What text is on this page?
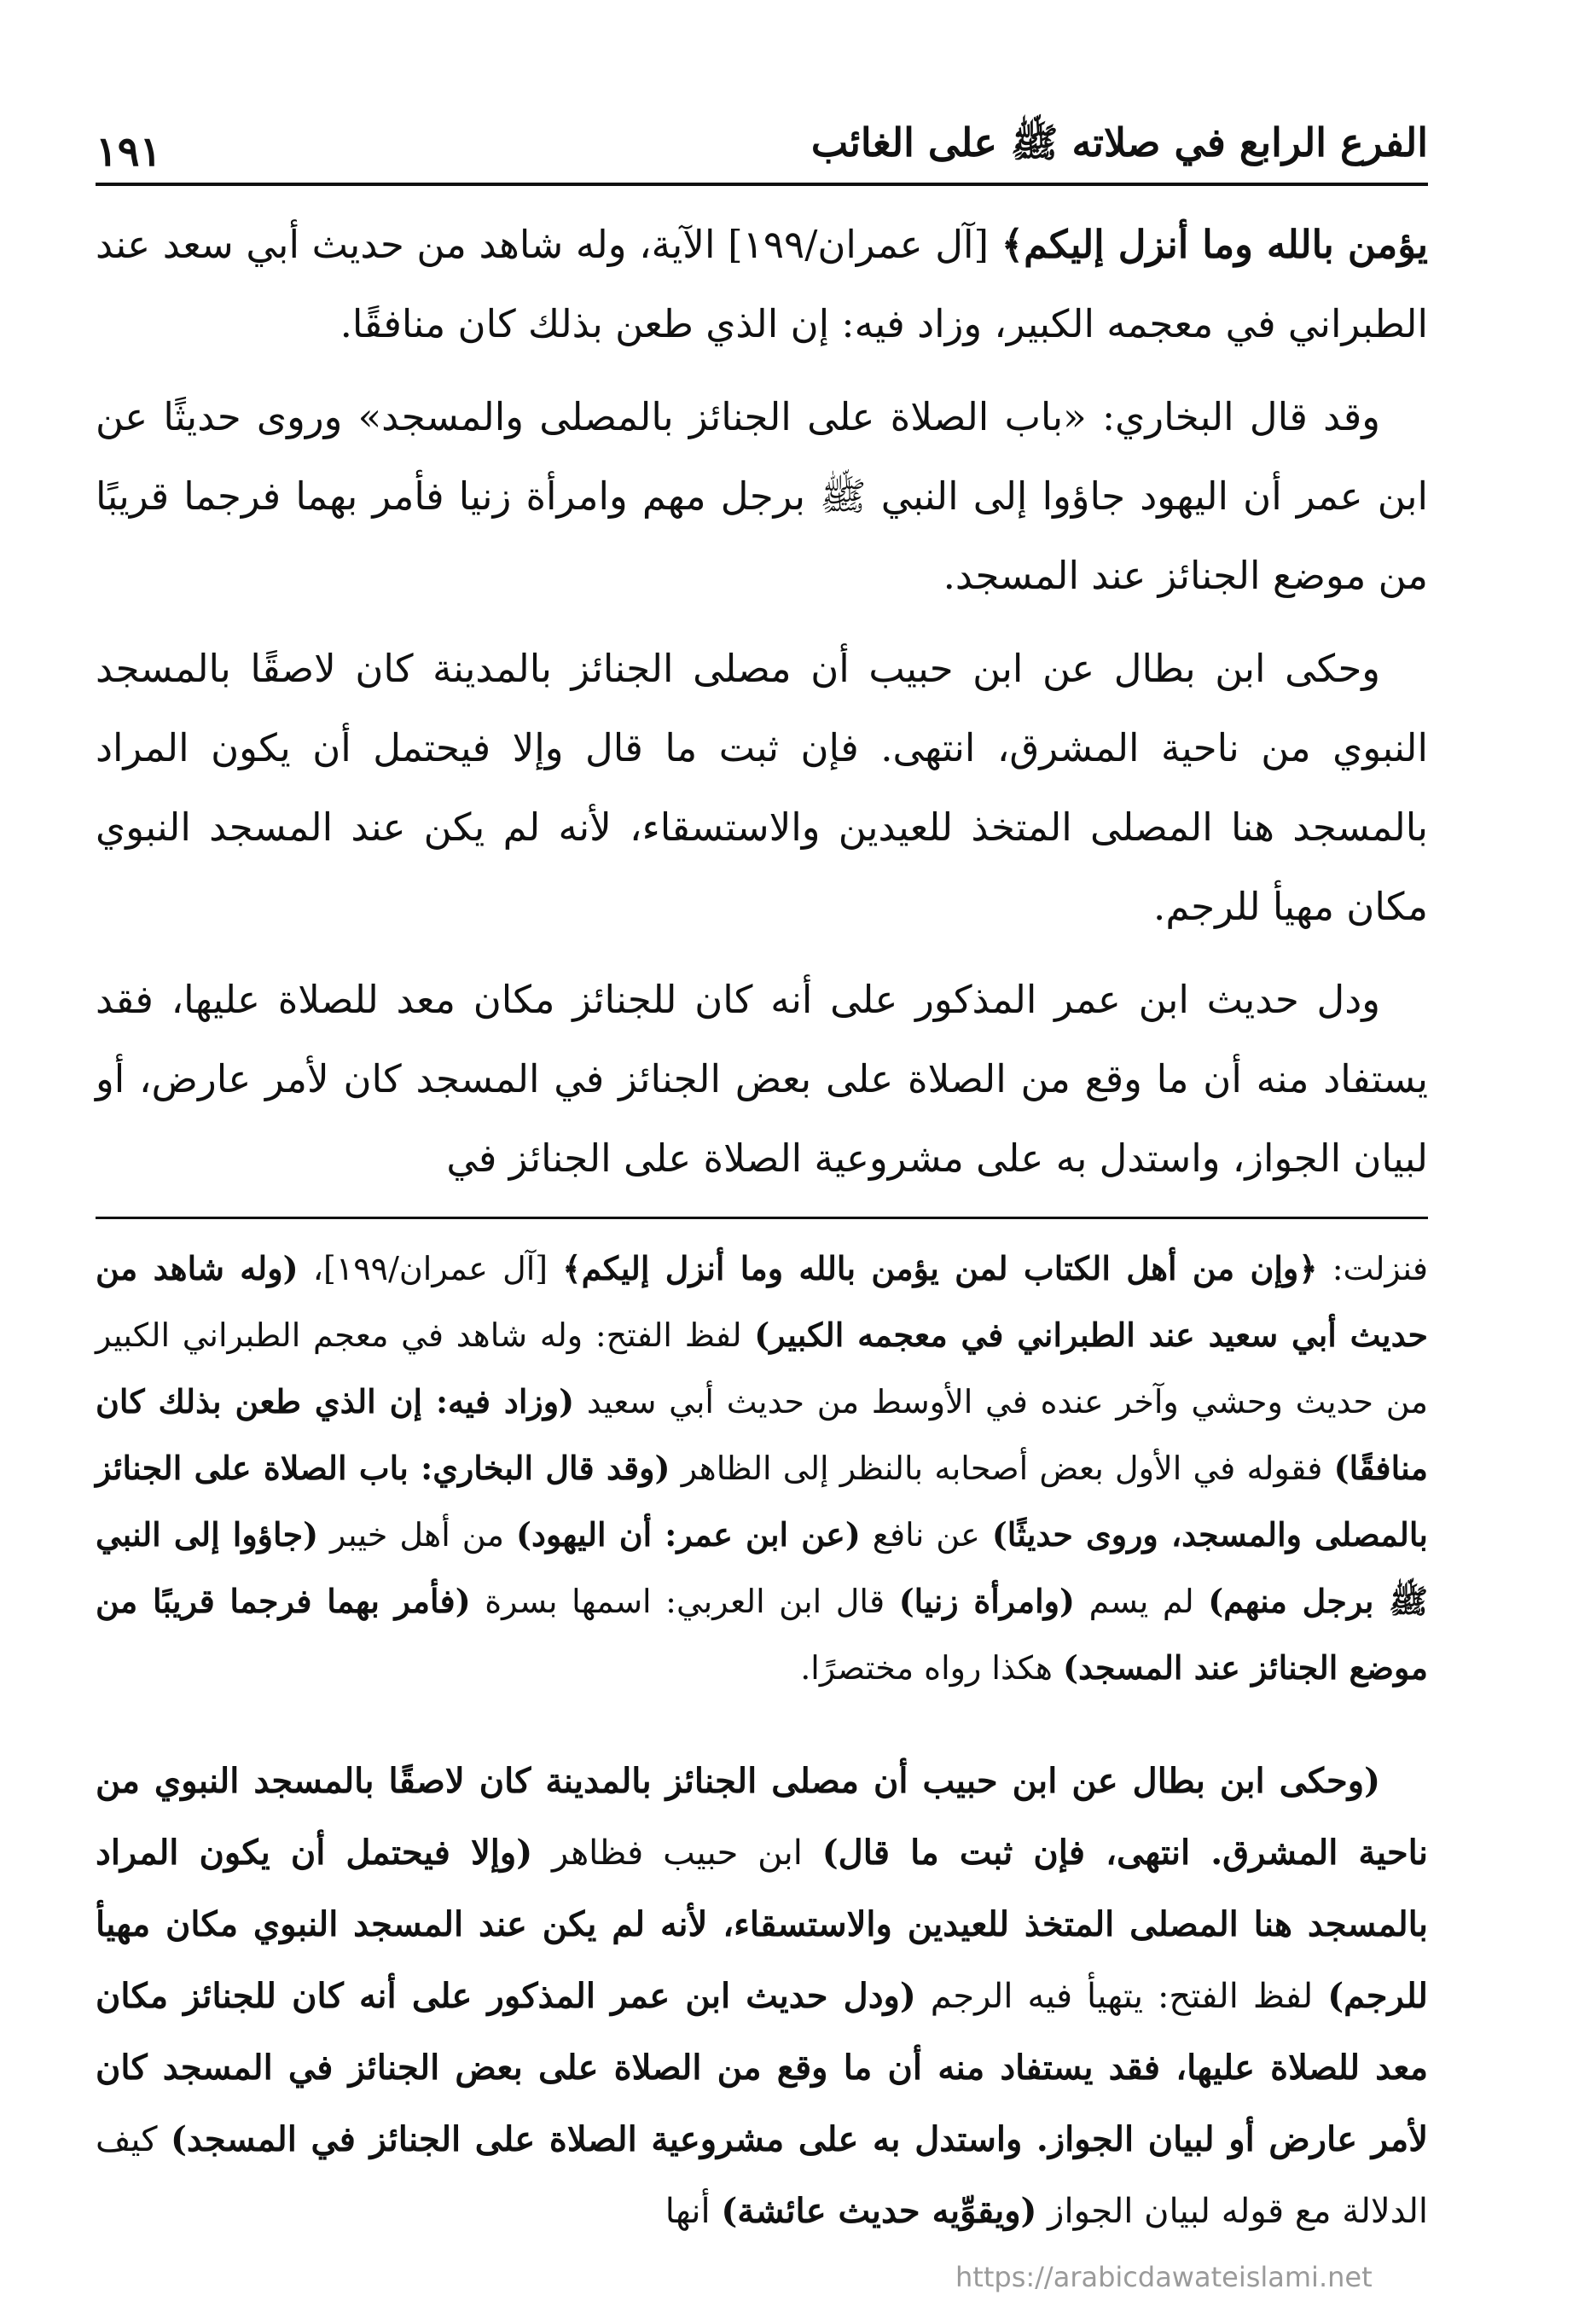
الفرع الرابع في صلاته ﷺ على الغائب
١٩١

يؤمن بالله وما أنزل إليكم﴾ [آل عمران/١٩٩] الآية، وله شاهد من حديث أبي سعد عند الطبراني في معجمه الكبير، وزاد فيه: إن الذي طعن بذلك كان منافقًا.

وقد قال البخاري: «باب الصلاة على الجنائز بالمصلى والمسجد» وروى حديثًا عن ابن عمر أن اليهود جاؤوا إلى النبي ﷺ برجل مهم وامرأة زنيا فأمر بهما فرجما قريبًا من موضع الجنائز عند المسجد.

وحكى ابن بطال عن ابن حبيب أن مصلى الجنائز بالمدينة كان لاصقًا بالمسجد النبوي من ناحية المشرق، انتهى. فإن ثبت ما قال وإلا فيحتمل أن يكون المراد بالمسجد هنا المصلى المتخذ للعيدين والاستسقاء، لأنه لم يكن عند المسجد النبوي مكان مهيأ للرجم.

ودل حديث ابن عمر المذكور على أنه كان للجنائز مكان معد للصلاة عليها، فقد يستفاد منه أن ما وقع من الصلاة على بعض الجنائز في المسجد كان لأمر عارض، أو لبيان الجواز، واستدل به على مشروعية الصلاة على الجنائز في

فنزلت: ﴿وإن من أهل الكتاب لمن يؤمن بالله وما أنزل إليكم﴾ [آل عمران/١٩٩]، (وله شاهد من حديث أبي سعيد عند الطبراني في معجمه الكبير) لفظ الفتح: وله شاهد في معجم الطبراني الكبير من حديث وحشي وآخر عنده في الأوسط من حديث أبي سعيد (وزاد فيه: إن الذي طعن بذلك كان منافقًا) فقوله في الأول بعض أصحابه بالنظر إلى الظاهر (وقد قال البخاري: باب الصلاة على الجنائز بالمصلى والمسجد، وروى حديثًا) عن نافع (عن ابن عمر: أن اليهود) من أهل خيبر (جاؤوا إلى النبي ﷺ برجل منهم) لم يسم (وامرأة زنيا) قال ابن العربي: اسمها بسرة (فأمر بهما فرجما قريبًا من موضع الجنائز عند المسجد) هكذا رواه مختصرًا.

(وحكى ابن بطال عن ابن حبيب أن مصلى الجنائز بالمدينة كان لاصقًا بالمسجد النبوي من ناحية المشرق. انتهى، فإن ثبت ما قال) ابن حبيب فظاهر (وإلا فيحتمل أن يكون المراد بالمسجد هنا المصلى المتخذ للعيدين والاستسقاء، لأنه لم يكن عند المسجد النبوي مكان مهيأ للرجم) لفظ الفتح: يتهيأ فيه الرجم (ودل حديث ابن عمر المذكور على أنه كان للجنائز مكان معد للصلاة عليها، فقد يستفاد منه أن ما وقع من الصلاة على بعض الجنائز في المسجد كان لأمر عارض أو لبيان الجواز. واستدل به على مشروعية الصلاة على الجنائز في المسجد) كيف الدلالة مع قوله لبيان الجواز (ويقوِّيه حديث عائشة) أنها

https://arabicdawateislami.net
